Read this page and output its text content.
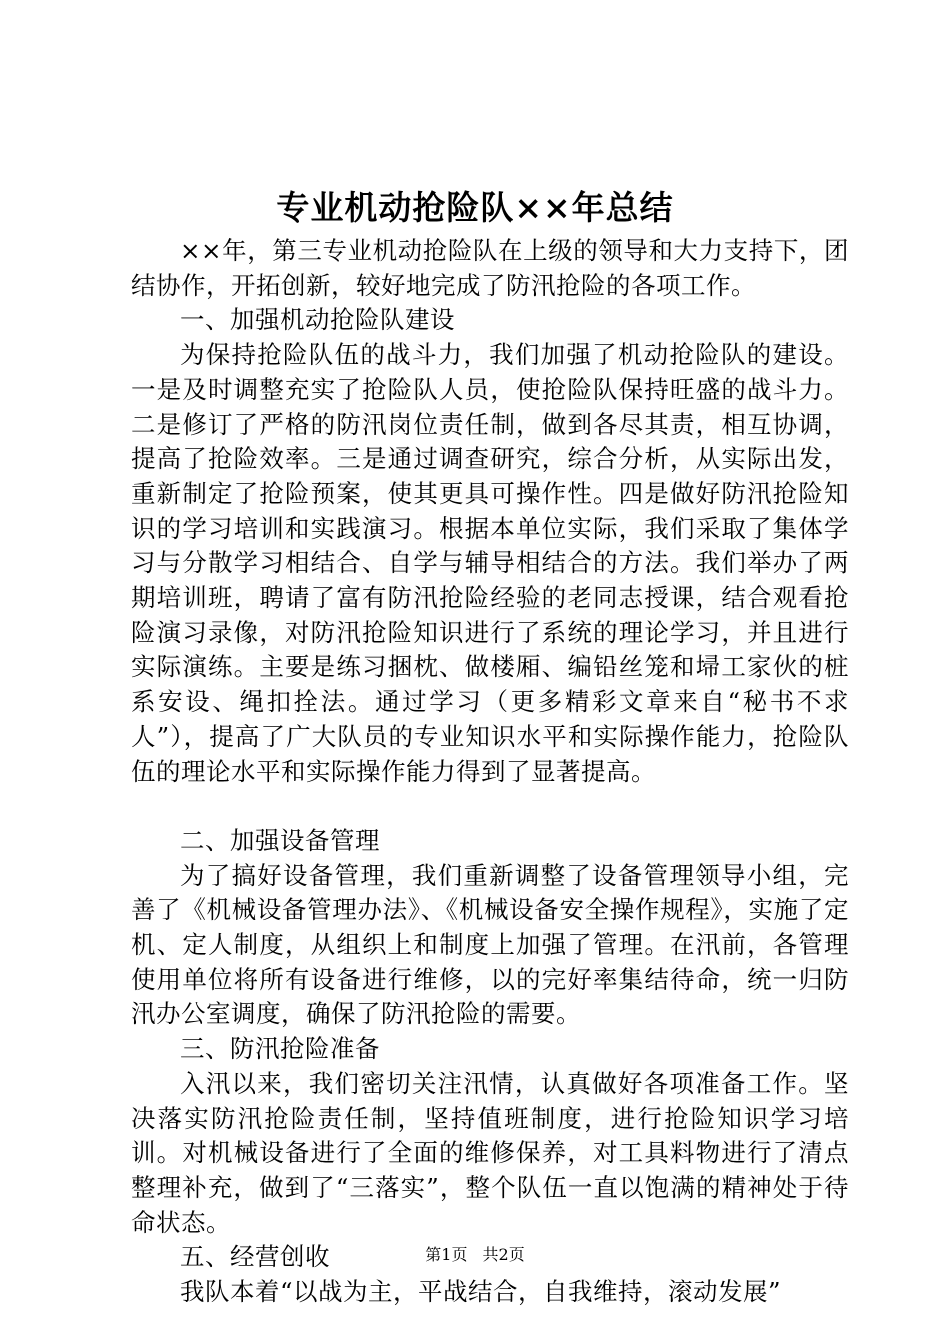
专业机动抢险队××年总结

××年，第三专业机动抢险队在上级的领导和大力支持下，团结协作，开拓创新，较好地完成了防汛抢险的各项工作。

一、加强机动抢险队建设

为保持抢险队伍的战斗力，我们加强了机动抢险队的建设。一是及时调整充实了抢险队人员，使抢险队保持旺盛的战斗力。二是修订了严格的防汛岗位责任制，做到各尽其责，相互协调，提高了抢险效率。三是通过调查研究，综合分析，从实际出发，重新制定了抢险预案，使其更具可操作性。四是做好防汛抢险知识的学习培训和实践演习。根据本单位实际，我们采取了集体学习与分散学习相结合、自学与辅导相结合的方法。我们举办了两期培训班，聘请了富有防汛抢险经验的老同志授课，结合观看抢险演习录像，对防汛抢险知识进行了系统的理论学习，并且进行实际演练。主要是练习捆枕、做楼厢、编铅丝笼和埽工家伙的桩系安设、绳扣拴法。通过学习（更多精彩文章来自“秘书不求人”），提高了广大队员的专业知识水平和实际操作能力，抢险队伍的理论水平和实际操作能力得到了显著提高。

二、加强设备管理

为了搞好设备管理，我们重新调整了设备管理领导小组，完善了《机械设备管理办法》、《机械设备安全操作规程》，实施了定机、定人制度，从组织上和制度上加强了管理。在汛前，各管理使用单位将所有设备进行维修，以的完好率集结待命，统一归防汛办公室调度，确保了防汛抢险的需要。

三、防汛抢险准备

入汛以来，我们密切关注汛情，认真做好各项准备工作。坚决落实防汛抢险责任制，坚持值班制度，进行抢险知识学习培训。对机械设备进行了全面的维修保养，对工具料物进行了清点整理补充，做到了“三落实”，整个队伍一直以饱满的精神处于待命状态。

五、经营创收

我队本着“以战为主，平战结合，自我维持，滚动发展”

第1页 共2页
